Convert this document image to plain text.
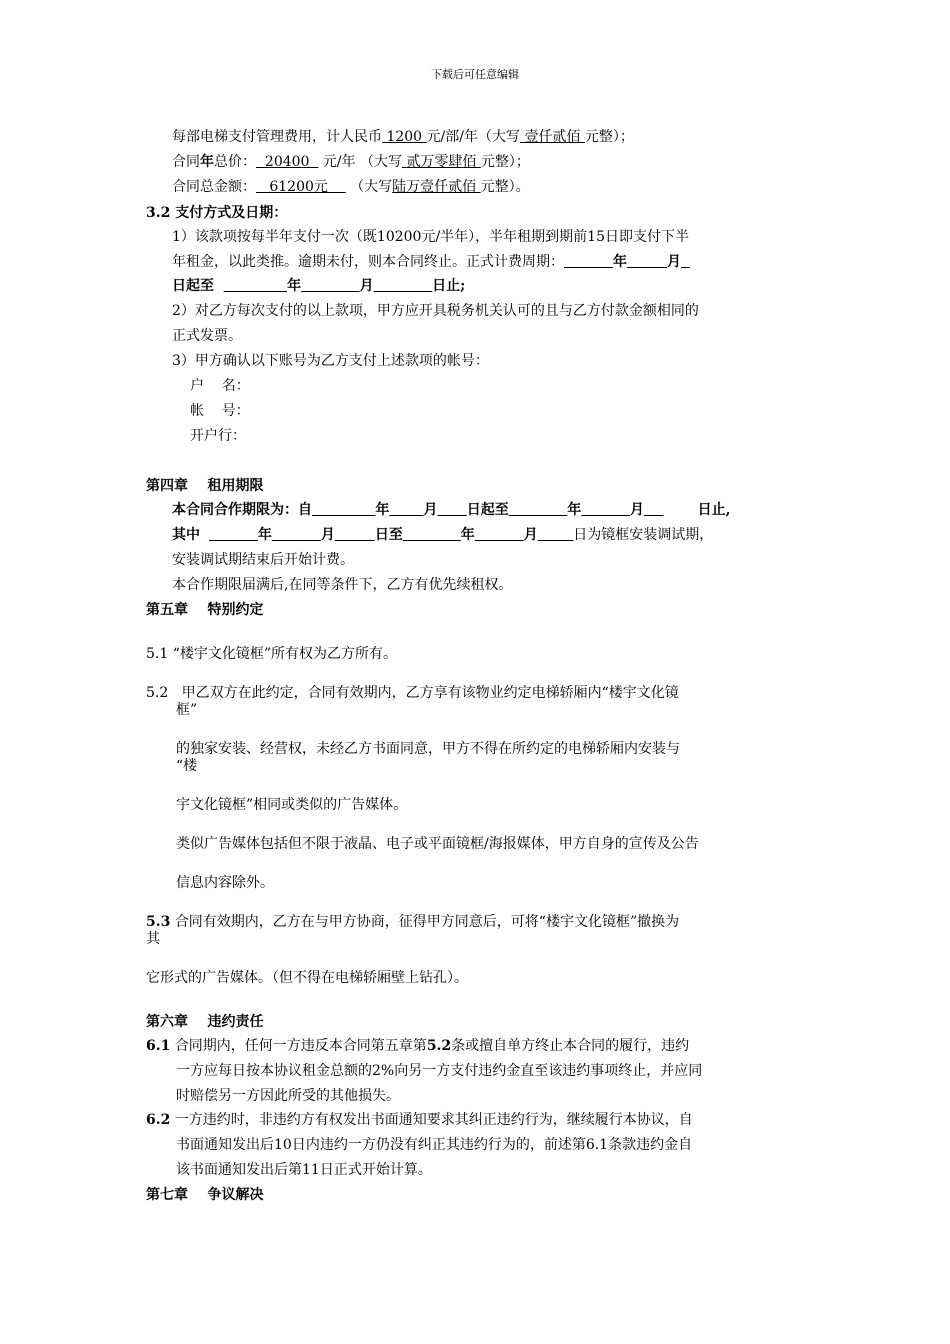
下载后可任意编辑
每部电梯支付管理费用，计人民币 1200 元/部/年（大写 壹仟贰佰 元整）；
合同年总价： 20400 元/年 （大写 贰万零肆佰 元整）；
合同总金额： 61200元 （大写陆万壹仟贰佰 元整）。
3.2 支付方式及日期：
1）该款项按每半年支付一次（既10200元/半年），半年租期到期前15日即支付下半
年租金，以此类推。逾期未付，则本合同终止。正式计费周期：	年	月
日起至	年	月	日止;
2）对乙方每次支付的以上款项，甲方应开具税务机关认可的且与乙方付款金额相同的
正式发票。
3）甲方确认以下账号为乙方支付上述款项的帐号：
户    名：
帐    号：
开户行：
第四章    租用期限
本合同合作期限为：自	年 月 日起至	年	月	日止,
其中	年	月	日至	年	月	日为镜框安装调试期，
安装调试期结束后开始计费。
本合作期限届满后,在同等条件下，乙方有优先续租权。
第五章    特别约定
5.1 “楼宇文化镜框”所有权为乙方所有。
5.2 甲乙双方在此约定，合同有效期内，乙方享有该物业约定电梯轿厢内“楼宇文化镜
框”
的独家安装、经营权，未经乙方书面同意，甲方不得在所约定的电梯轿厢内安装与
“楼
宇文化镜框”相同或类似的广告媒体。
类似广告媒体包括但不限于液晶、电子或平面镜框/海报媒体，甲方自身的宣传及公告
信息内容除外。
5.3 合同有效期内，乙方在与甲方协商，征得甲方同意后，可将“楼宇文化镜框”撤换为
其
它形式的广告媒体。（但不得在电梯轿厢壁上钻孔）。
第六章    违约责任
6.1 合同期内，任何一方违反本合同第五章第5.2条或擅自单方终止本合同的履行，违约
一方应每日按本协议租金总额的2%向另一方支付违约金直至该违约事项终止，并应同
时赔偿另一方因此所受的其他损失。
6.2 一方违约时，非违约方有权发出书面通知要求其纠正违约行为，继续履行本协议，自
书面通知发出后10日内违约一方仍没有纠正其违约行为的，前述第6.1条款违约金自
该书面通知发出后第11日正式开始计算。
第七章    争议解决
